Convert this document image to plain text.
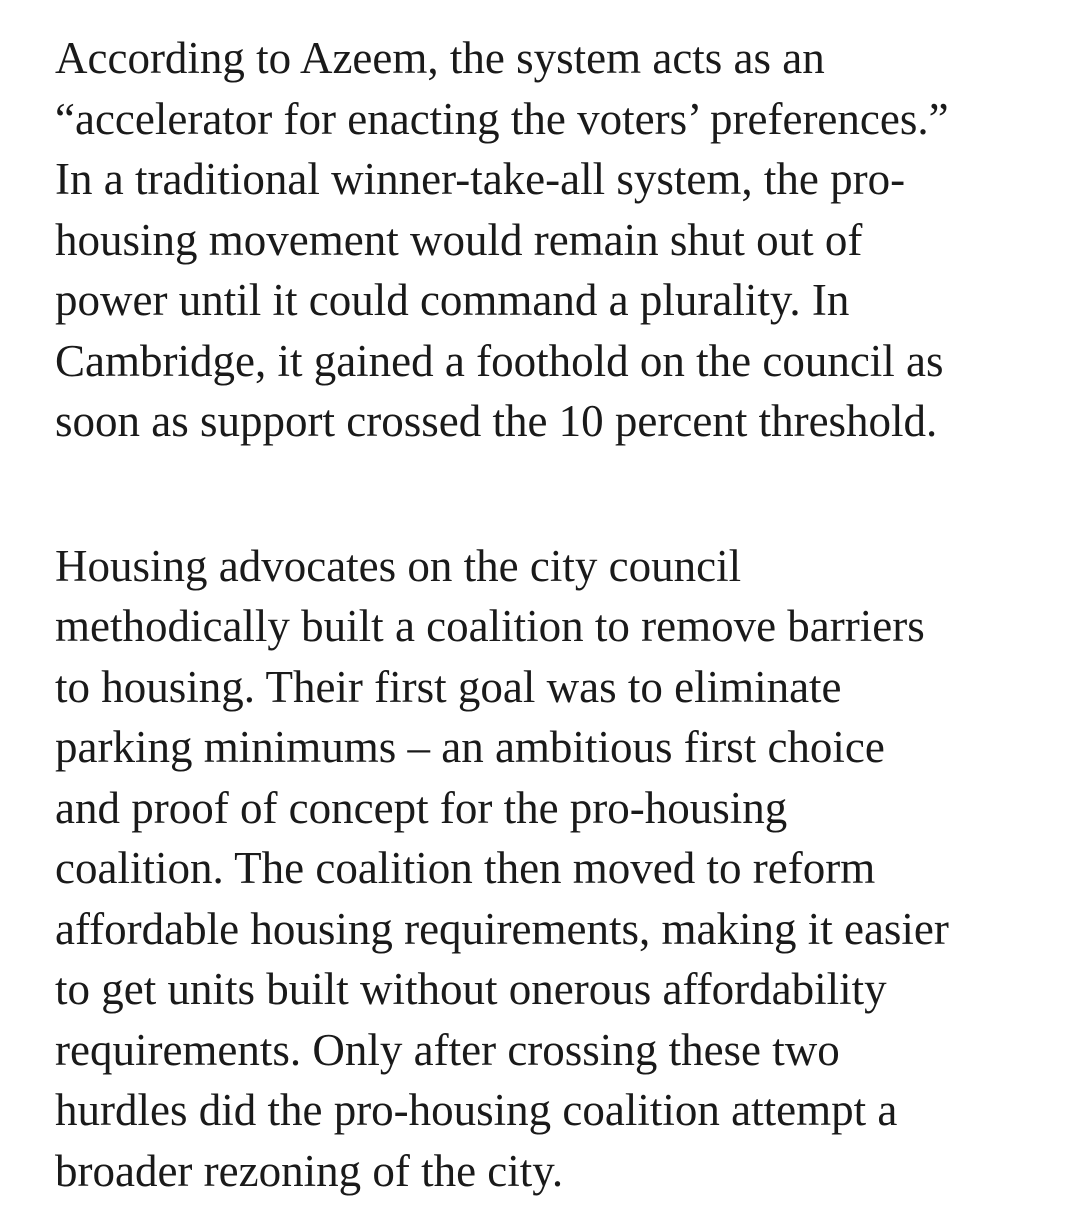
According to Azeem, the system acts as an
“accelerator for enacting the voters’ preferences.”
In a traditional winner-take-all system, the pro-
housing movement would remain shut out of
power until it could command a plurality. In
Cambridge, it gained a foothold on the council as
soon as support crossed the 10 percent threshold.

Housing advocates on the city council
methodically built a coalition to remove barriers
to housing. Their first goal was to eliminate
parking minimums – an ambitious first choice
and proof of concept for the pro-housing
coalition. The coalition then moved to reform
affordable housing requirements, making it easier
to get units built without onerous affordability
requirements. Only after crossing these two
hurdles did the pro-housing coalition attempt a
broader rezoning of the city.
